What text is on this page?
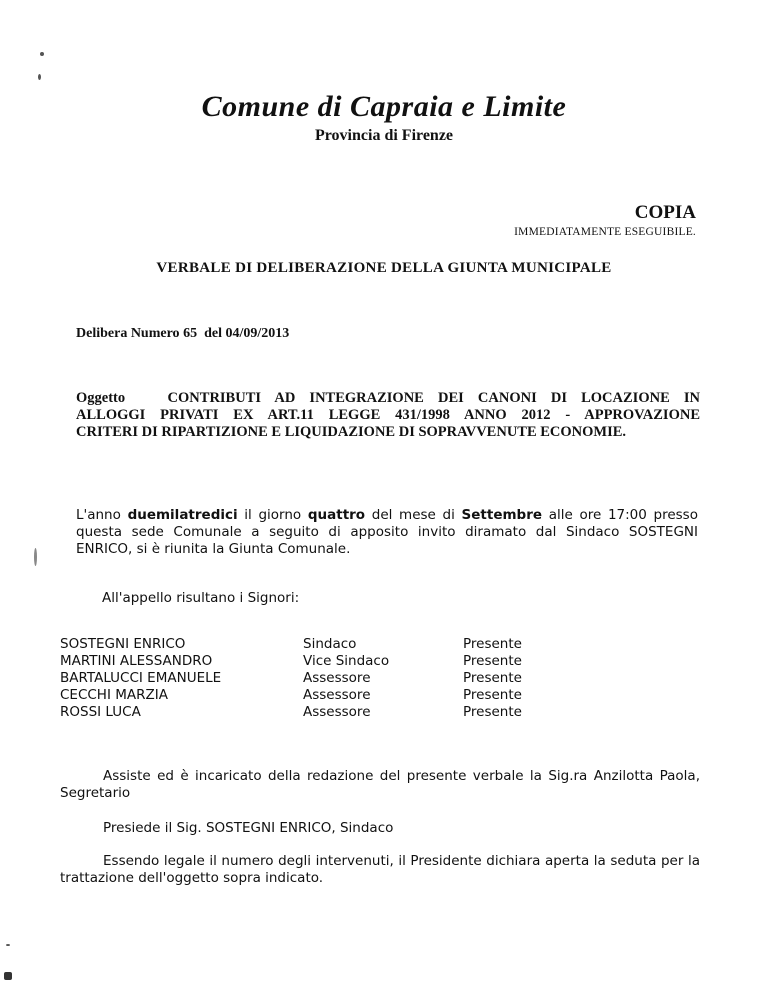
Comune di Capraia e Limite
Provincia di Firenze
COPIA
IMMEDIATAMENTE ESEGUIBILE.
VERBALE DI DELIBERAZIONE DELLA GIUNTA MUNICIPALE
Delibera Numero 65 del 04/09/2013
Oggetto	CONTRIBUTI AD INTEGRAZIONE DEI CANONI DI LOCAZIONE IN
ALLOGGI PRIVATI EX ART.11 LEGGE 431/1998 ANNO 2012 - APPROVAZIONE
CRITERI DI RIPARTIZIONE E LIQUIDAZIONE DI SOPRAVVENUTE ECONOMIE.
L'anno duemilatredici il giorno quattro del mese di Settembre alle ore 17:00 presso questa sede Comunale a seguito di apposito invito diramato dal Sindaco SOSTEGNI ENRICO, si è riunita la Giunta Comunale.
All'appello risultano i Signori:
SOSTEGNI ENRICO	Sindaco	Presente
MARTINI ALESSANDRO	Vice Sindaco	Presente
BARTALUCCI EMANUELE	Assessore	Presente
CECCHI MARZIA	Assessore	Presente
ROSSI LUCA	Assessore	Presente
Assiste ed è incaricato della redazione del presente verbale la Sig.ra Anzilotta Paola, Segretario
Presiede il Sig. SOSTEGNI ENRICO, Sindaco
Essendo legale il numero degli intervenuti, il Presidente dichiara aperta la seduta per la trattazione dell'oggetto sopra indicato.
